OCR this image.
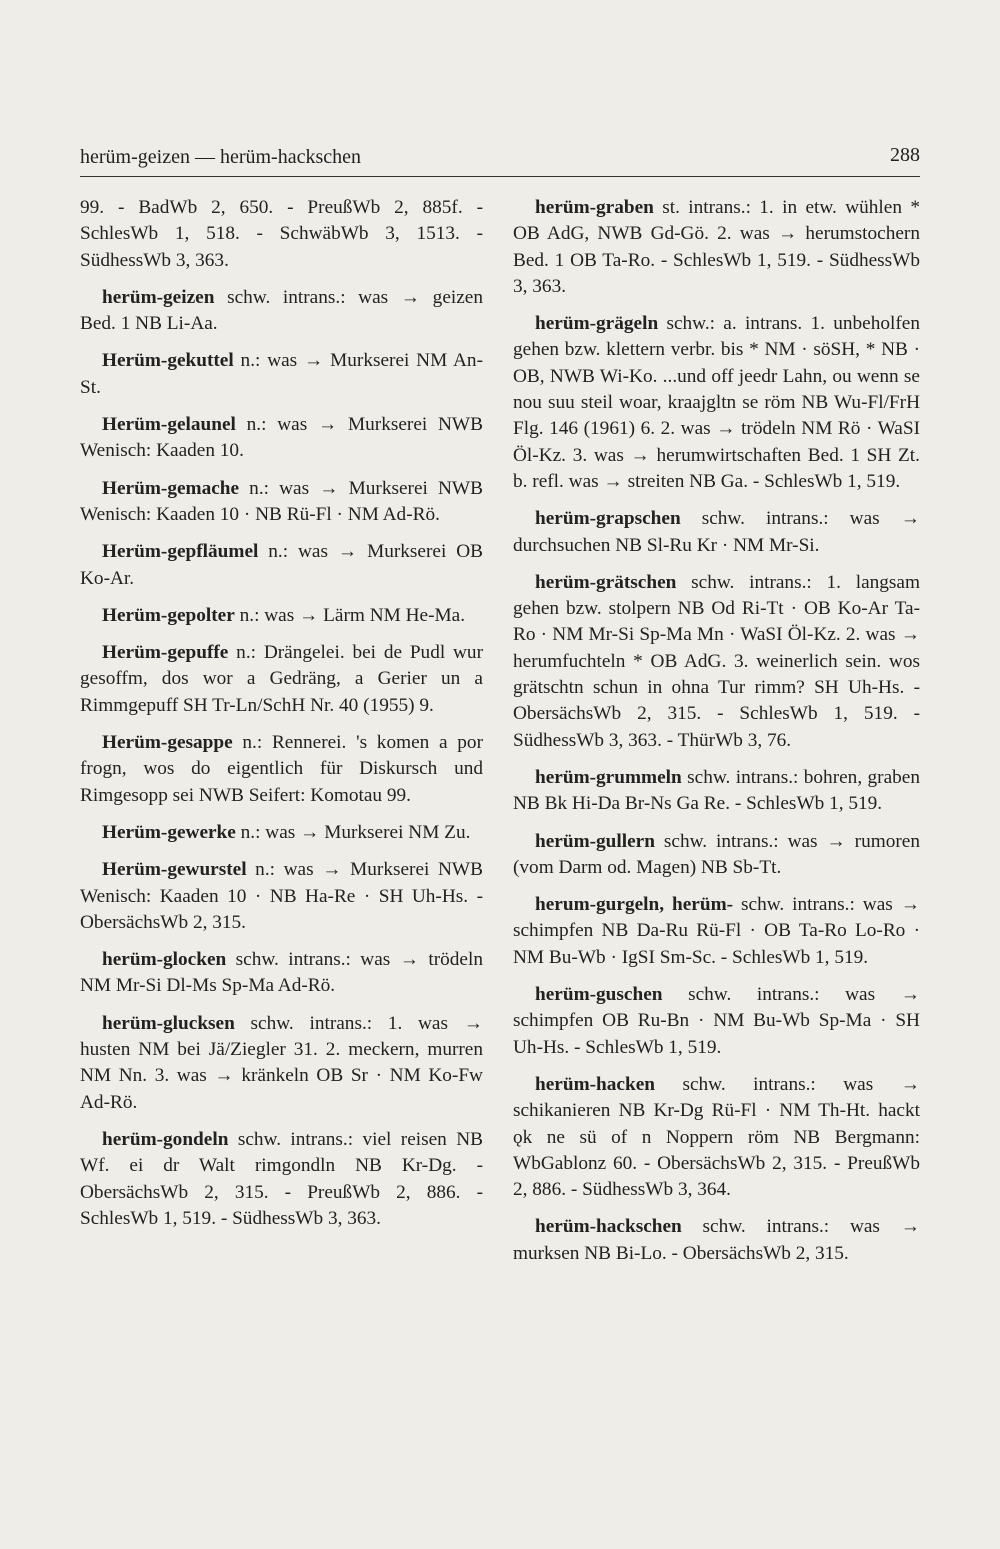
herüm-geizen — herüm-hackschen	288

99. - BadWb 2, 650. - PreußWb 2, 885f. - SchlesWb 1, 518. - SchwäbWb 3, 1513. - SüdhessWb 3, 363.

herüm-geizen schw. intrans.: was → geizen Bed. 1 NB Li-Aa.

Herüm-gekuttel n.: was → Murkserei NM An-St.

Herüm-gelaunel n.: was → Murkserei NWB Wenisch: Kaaden 10.

Herüm-gemache n.: was → Murkserei NWB Wenisch: Kaaden 10 · NB Rü-Fl · NM Ad-Rö.

Herüm-gepfläumel n.: was → Murkserei OB Ko-Ar.

Herüm-gepolter n.: was → Lärm NM He-Ma.

Herüm-gepuffe n.: Drängelei. bei de Pudl wur gesoffm, dos wor a Gedräng, a Gerier un a Rimmgepuff SH Tr-Ln/SchH Nr. 40 (1955) 9.

Herüm-gesappe n.: Rennerei. 's komen a por frogn, wos do eigentlich für Diskursch und Rimgesopp sei NWB Seifert: Komotau 99.

Herüm-gewerke n.: was → Murkserei NM Zu.

Herüm-gewurstel n.: was → Murkserei NWB Wenisch: Kaaden 10 · NB Ha-Re · SH Uh-Hs. - ObersächsWb 2, 315.

herüm-glocken schw. intrans.: was → trödeln NM Mr-Si Dl-Ms Sp-Ma Ad-Rö.

herüm-glucksen schw. intrans.: 1. was → husten NM bei Jä/Ziegler 31. 2. meckern, murren NM Nn. 3. was → kränkeln OB Sr · NM Ko-Fw Ad-Rö.

herüm-gondeln schw. intrans.: viel reisen NB Wf. ei dr Walt rimgondln NB Kr-Dg. - ObersächsWb 2, 315. - PreußWb 2, 886. - SchlesWb 1, 519. - SüdhessWb 3, 363.

herüm-graben st. intrans.: 1. in etw. wühlen * OB AdG, NWB Gd-Gö. 2. was → herumstochern Bed. 1 OB Ta-Ro. - SchlesWb 1, 519. - SüdhessWb 3, 363.

herüm-grägeln schw.: a. intrans. 1. unbeholfen gehen bzw. klettern verbr. bis * NM · söSH, * NB · OB, NWB Wi-Ko. ...und off jeedr Lahn, ou wenn se nou suu steil woar, kraajgltn se röm NB Wu-Fl/FrH Flg. 146 (1961) 6. 2. was → trödeln NM Rö · WaSI Öl-Kz. 3. was → herumwirtschaften Bed. 1 SH Zt. b. refl. was → streiten NB Ga. - SchlesWb 1, 519.

herüm-grapschen schw. intrans.: was → durchsuchen NB Sl-Ru Kr · NM Mr-Si.

herüm-grätschen schw. intrans.: 1. langsam gehen bzw. stolpern NB Od Ri-Tt · OB Ko-Ar Ta-Ro · NM Mr-Si Sp-Ma Mn · WaSI Öl-Kz. 2. was → herumfuchteln * OB AdG. 3. weinerlich sein. wos grätschtn schun in ohna Tur rimm? SH Uh-Hs. - ObersächsWb 2, 315. - SchlesWb 1, 519. - SüdhessWb 3, 363. - ThürWb 3, 76.

herüm-grummeln schw. intrans.: bohren, graben NB Bk Hi-Da Br-Ns Ga Re. - SchlesWb 1, 519.

herüm-gullern schw. intrans.: was → rumoren (vom Darm od. Magen) NB Sb-Tt.

herum-gurgeln, herüm- schw. intrans.: was → schimpfen NB Da-Ru Rü-Fl · OB Ta-Ro Lo-Ro · NM Bu-Wb · IgSI Sm-Sc. - SchlesWb 1, 519.

herüm-guschen schw. intrans.: was → schimpfen OB Ru-Bn · NM Bu-Wb Sp-Ma · SH Uh-Hs. - SchlesWb 1, 519.

herüm-hacken schw. intrans.: was → schikanieren NB Kr-Dg Rü-Fl · NM Th-Ht. hackt ǫk ne sü of n Noppern röm NB Bergmann: WbGablonz 60. - ObersächsWb 2, 315. - PreußWb 2, 886. - SüdhessWb 3, 364.

herüm-hackschen schw. intrans.: was → murksen NB Bi-Lo. - ObersächsWb 2, 315.
